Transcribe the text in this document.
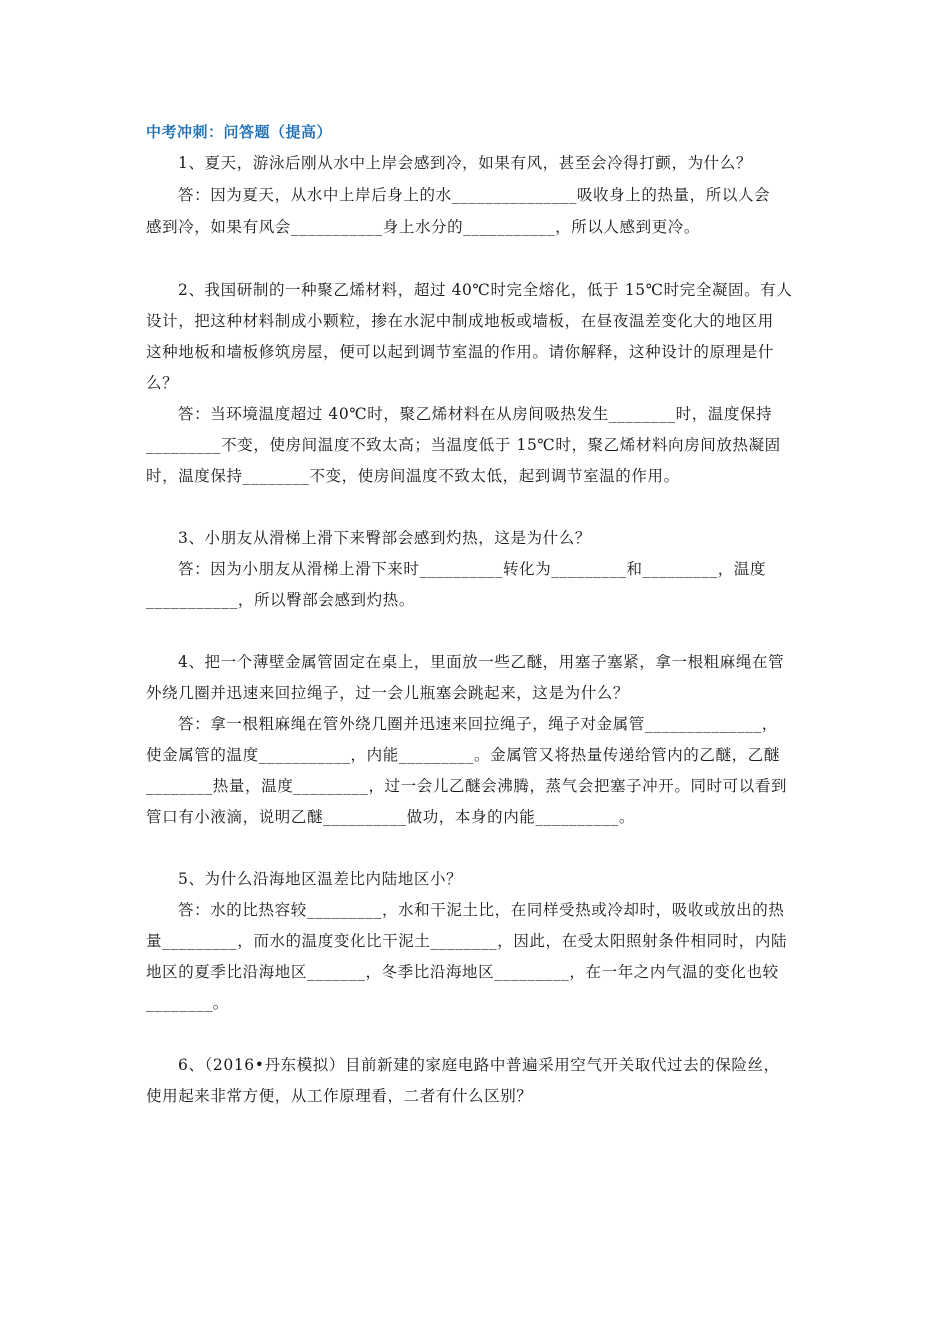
中考冲刺：问答题（提高）
1、夏天，游泳后刚从水中上岸会感到冷，如果有风，甚至会冷得打颤，为什么？
答：因为夏天，从水中上岸后身上的水_______________吸收身上的热量，所以人会
感到冷，如果有风会___________身上水分的___________，所以人感到更冷。
2、我国研制的一种聚乙烯材料，超过 40℃时完全熔化，低于 15℃时完全凝固。有人
设计，把这种材料制成小颗粒，掺在水泥中制成地板或墙板，在昼夜温差变化大的地区用
这种地板和墙板修筑房屋，便可以起到调节室温的作用。请你解释，这种设计的原理是什
么？
答：当环境温度超过 40℃时，聚乙烯材料在从房间吸热发生________时，温度保持
_________不变，使房间温度不致太高；当温度低于 15℃时，聚乙烯材料向房间放热凝固
时，温度保持________不变，使房间温度不致太低，起到调节室温的作用。
3、小朋友从滑梯上滑下来臀部会感到灼热，这是为什么？
答：因为小朋友从滑梯上滑下来时__________转化为_________和_________，温度
___________，所以臀部会感到灼热。
4、把一个薄壁金属管固定在桌上，里面放一些乙醚，用塞子塞紧，拿一根粗麻绳在管
外绕几圈并迅速来回拉绳子，过一会儿瓶塞会跳起来，这是为什么？
答：拿一根粗麻绳在管外绕几圈并迅速来回拉绳子，绳子对金属管______________，
使金属管的温度___________，内能_________。金属管又将热量传递给管内的乙醚，乙醚
________热量，温度_________，过一会儿乙醚会沸腾，蒸气会把塞子冲开。同时可以看到
管口有小液滴，说明乙醚__________做功，本身的内能__________。
5、为什么沿海地区温差比内陆地区小？
答：水的比热容较_________，水和干泥土比，在同样受热或冷却时，吸收或放出的热
量_________，而水的温度变化比干泥土________，因此，在受太阳照射条件相同时，内陆
地区的夏季比沿海地区_______，冬季比沿海地区_________，在一年之内气温的变化也较
________。
6、（2016•丹东模拟）目前新建的家庭电路中普遍采用空气开关取代过去的保险丝，
使用起来非常方便，从工作原理看，二者有什么区别？
